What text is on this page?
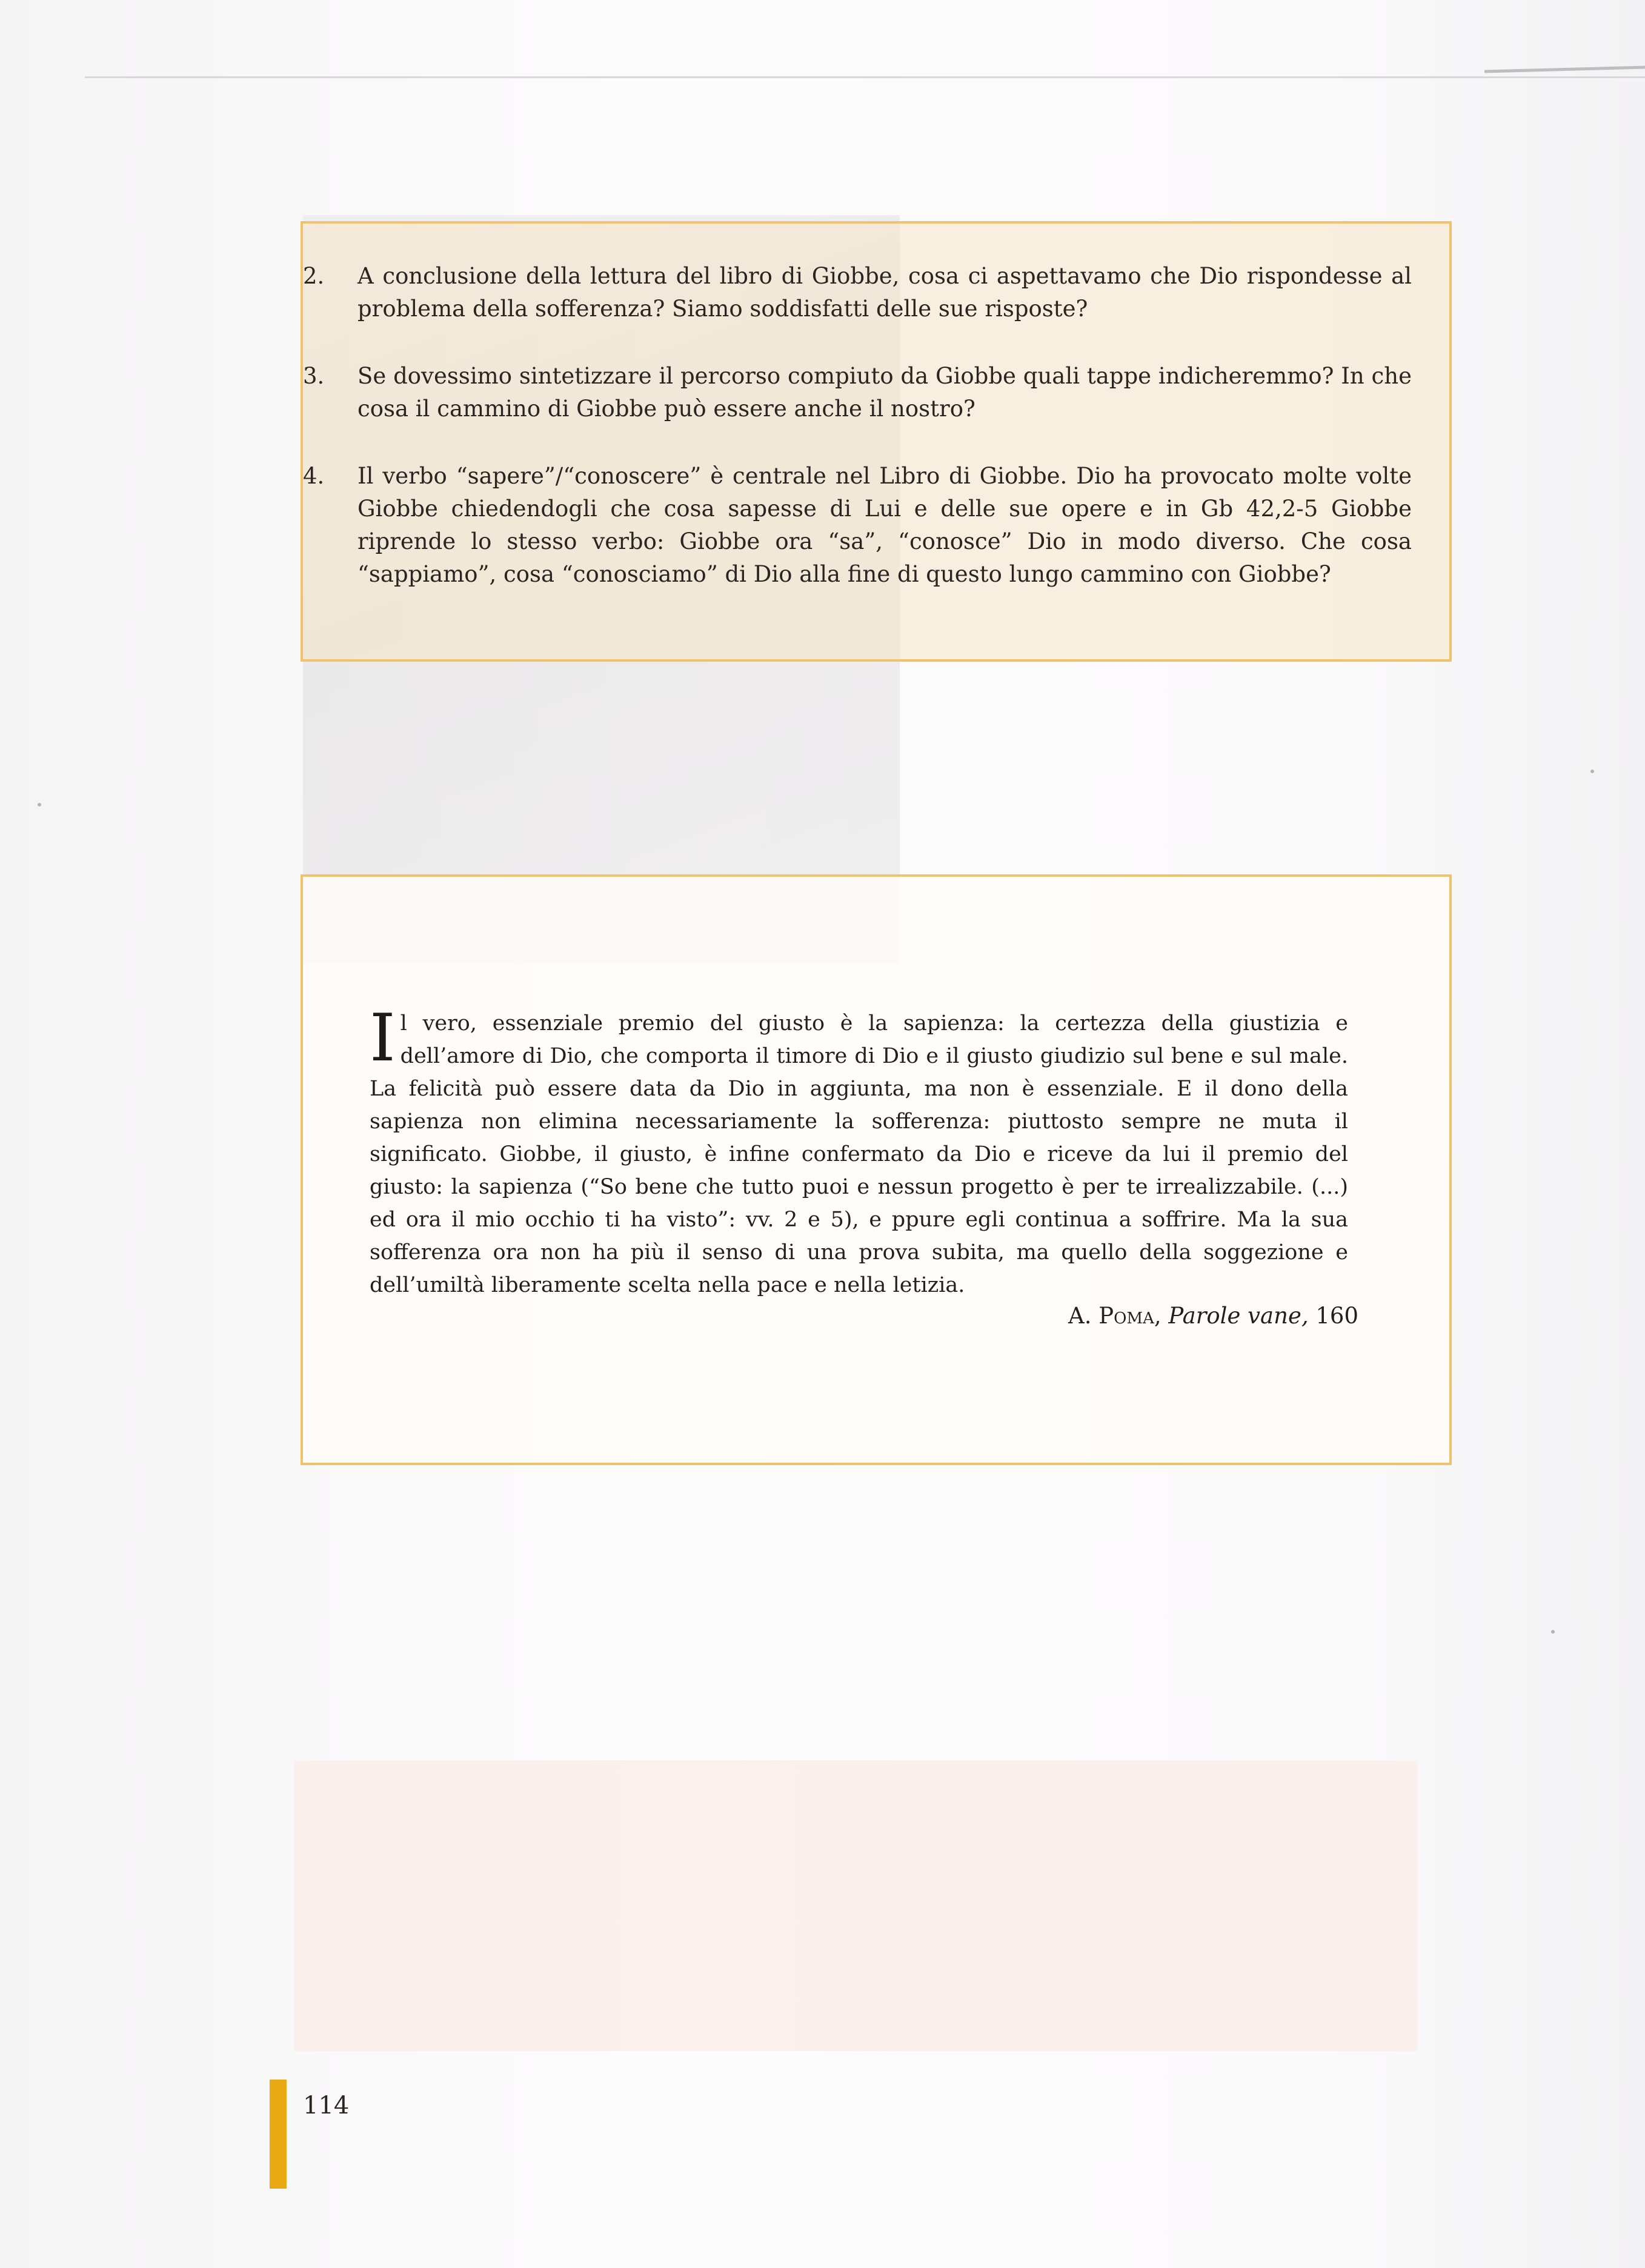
2.	A conclusione della lettura del libro di Giobbe, cosa ci aspettavamo che Dio rispondesse al problema della sofferenza? Siamo soddisfatti delle sue risposte?
3.	Se dovessimo sintetizzare il percorso compiuto da Giobbe quali tappe indicheremmo? In che cosa il cammino di Giobbe può essere anche il nostro?
4.	Il verbo “sapere”/“conoscere” è centrale nel Libro di Giobbe. Dio ha provocato molte volte Giobbe chiedendogli che cosa sapesse di Lui e delle sue opere e in Gb 42,2-5 Giobbe riprende lo stesso verbo: Giobbe ora “sa”, “conosce” Dio in modo diverso. Che cosa “sappiamo”, cosa “conosciamo” di Dio alla fine di questo lungo cammino con Giobbe?
Il vero, essenziale premio del giusto è la sapienza: la certezza della giustizia e dell’amore di Dio, che comporta il timore di Dio e il giusto giudizio sul bene e sul male. La felicità può essere data da Dio in aggiunta, ma non è essenziale. E il dono della sapienza non elimina necessariamente la sofferenza: piuttosto sempre ne muta il significato. Giobbe, il giusto, è infine confermato da Dio e riceve da lui il premio del giusto: la sapienza (“So bene che tutto puoi e nessun progetto è per te irrealizzabile. (...) ed ora il mio occhio ti ha visto”: vv. 2 e 5), e ppure egli continua a soffrire. Ma la sua sofferenza ora non ha più il senso di una prova subita, ma quello della soggezione e dell’umiltà liberamente scelta nella pace e nella letizia.
A. Poma, Parole vane, 160
114
